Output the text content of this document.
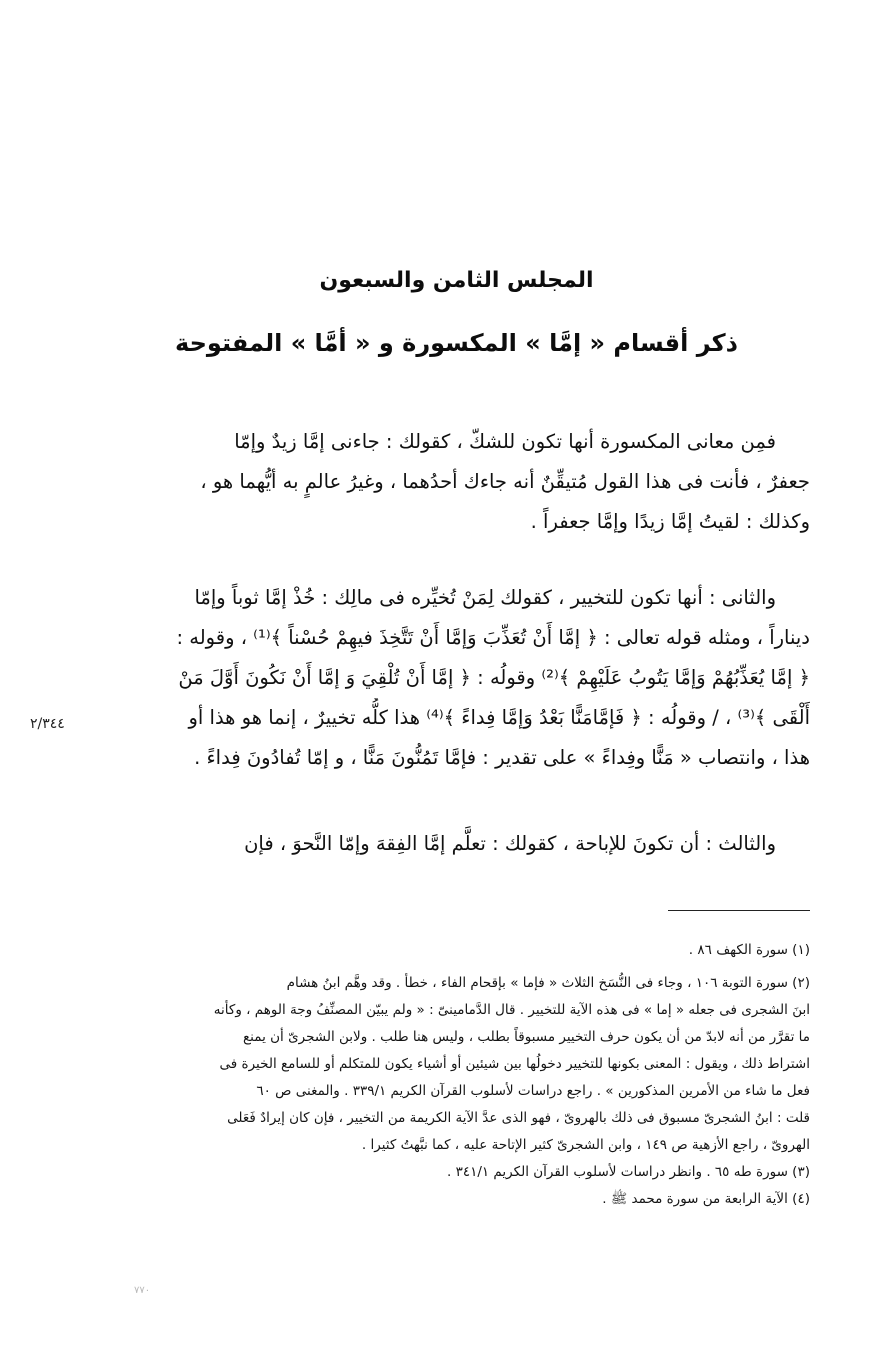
المجلس الثامن والسبعون
ذكر أقسام « إمَّا » المكسورة و « أمَّا » المفتوحة
فمِن معانى المكسورة أنها تكون للشكّ ، كقولك : جاءنى إمَّا زيدٌ وإمّا
جعفرٌ ، فأنت فى هذا القول مُتيقِّنٌ أنه جاءك أحدُهما ، وغيرُ عالمٍ به أيُّهما هو ،
وكذلك : لقيتُ إمَّا زيدًا وإمَّا جعفراً .
والثانى : أنها تكون للتخيير ، كقولك لِمَنْ تُخيِّره فى مالِك : خُذْ إمَّا ثوباً وإمّا
ديناراً ، ومثله قوله تعالى : ﴿ إمَّا أَنْ تُعَذِّبَ وَإمَّا أَنْ تَتَّخِذَ فيهِمْ حُسْناً ﴾⁽¹⁾ ، وقوله :
﴿ إمَّا يُعَذِّبُهُمْ وَإمَّا يَتُوبُ عَلَيْهِمْ ﴾⁽²⁾ وقولُه : ﴿ إمَّا أَنْ تُلْقِيَ وَ إمَّا أَنْ نَكُونَ أَوَّلَ مَنْ
أَلْقَى ﴾⁽³⁾ ، / وقولُه : ﴿ فَإمَّامَنًّا بَعْدُ وَإمَّا فِداءً ﴾⁽⁴⁾ هذا كلُّه تخييرٌ ، إنما هو هذا أو
هذا ، وانتصاب « مَنًّا وفِداءً » على تقدير : فإمَّا تَمُنُّونَ مَنًّا ، و إمّا تُفادُونَ فِداءً .
٢/٣٤٤
والثالث : أن تكونَ للإباحة ، كقولك : تعلَّم إمَّا الفِقهَ وإمّا النَّحوَ ، فإن
(١) سورة الكهف ٨٦ .
(٢) سورة التوبة ١٠٦ ، وجاء فى النُّسَخ الثلاث « فإما » بإقحام الفاء ، خطأ . وقد وهَّم ابنُ هشام
ابنَ الشجرى فى جعله « إما » فى هذه الآية للتخيير . قال الدَّمامينىّ : « ولم يبيّن المصنِّفُ وجهَ الوهم ، وكأنه
ما تقرَّر من أنه لابدّ من أن يكون حرف التخيير مسبوقاً بطلب ، وليس هنا طلب . ولابن الشجرىّ أن يمنع
اشتراط ذلك ، ويقول : المعنى بكونها للتخيير دخولُها بين شيئين أو أشياء يكون للمتكلم أو للسامع الخيرة فى
فعل ما شاء من الأمرين المذكورين » . راجع دراسات لأسلوب القرآن الكريم ٣٣٩/١ . والمغنى ص ٦٠
قلت : ابنُ الشجرىّ مسبوق فى ذلك بالهروىّ ، فهو الذى عدَّ الآية الكريمة من التخيير ، فإن كان إيرادٌ فَعَلى
الهروىّ ، راجع الأزهية ص ١٤٩ ، وابن الشجرىّ كثير الإتاحة عليه ، كما نبَّهتُ كثيرا .
(٣) سورة طه ٦٥ . وانظر دراسات لأسلوب القرآن الكريم ٣٤١/١ .
(٤) الآية الرابعة من سورة محمد ﷺ .
٧٧٠
